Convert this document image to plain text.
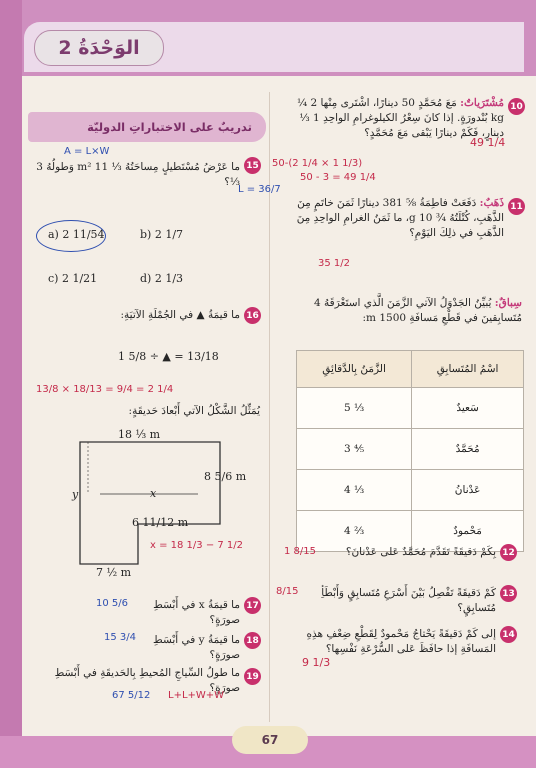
الوَحْدَةُ 2
10
مُشْتَرَياتٌ: مَعَ مُحَمَّدٍ 50 دينارًا، اشْتَرى مِنْها 2 ¼ kg بُنْدورَةٍ. إذا كانَ سِعْرُ الكيلوغرامِ الواحِدِ 1 ⅓ دينارٍ، فَكَمْ دينارًا يَبْقى مَعَ مُحَمَّدٍ؟
49 1/4
50-(2 1/4 × 1 1/3)
50 - 3 = 49 1/4
11
ذَهَبٌ: دَفَعَتْ فاطِمَةُ ⅝ 381 دينارًا ثَمَنَ خاتَمٍ مِنَ الذَّهَبِ، كُتْلَتُهُ ¾ 10 g، ما ثَمَنُ الغرامِ الواحِدِ مِنَ الذَّهَبِ في ذلِكَ اليَوْمِ؟
35 1/2
سِباقٌ: يُبيِّنُ الجَدْوَلُ الآتي الزَّمَنَ الَّذي استَغْرَقَهُ 4 مُتَسابِقينَ في قَطْعِ مَسافَةِ 1500 m:
الزَّمَنُ بِالدَّقائِقِ	اسْمُ المُتَسابِقِ
5 ⅓	سَعيدٌ
3 ⅘	مُحَمَّدٌ
4 ⅓	عَدْنانُ
4 ⅔	مَحْمودٌ
12
بِكَمْ دَقيقَةً تَقَدَّمَ مُحَمَّدٌ عَلى عَدْنانَ؟
1 8/15
13
كَمْ دَقيقَةً تَفْصِلُ بَيْنَ أَسْرَعِ مُتَسابِقٍ وَأَبْطَأِ مُتَسابِقٍ؟
8/15
14
إلى كَمْ دَقيقَةً يَحْتاجُ مَحْمودٌ لِقَطْعِ ضِعْفِ هذِهِ المَسافَةِ إذا حافَظَ عَلى السُّرْعَةِ نَفْسِها؟
9 1/3
تدريبٌ على الاختباراتِ الدوليّة
A = L×W
15
ما عَرْضُ مُسْتَطيلٍ مِساحَتُهُ ⅓ 11 m² وَطولُهُ 3 ⅓؟
L = 36/7
a) 2 11/54	b) 2 1/7
c) 2 1/21	d) 2 1/3
16
ما قيمَةُ ▲ في الجُمْلَةِ الآتيَةِ:
1 5/8 ÷ ▲ = 13/18
13/8 × 18/13 = 9/4 = 2 1/4
يُمَثِّلُ الشَّكْلُ الآتي أَبْعادَ حَديقَةٍ:
18 ⅓ m
8 5/6 m
6 11/12 m
7 ½ m
x
y
x = 18 1/3 − 7 1/2
17
ما قيمَةُ x في أَبْسَطِ صورَةٍ؟
10 5/6
18
ما قيمَةُ y في أَبْسَطِ صورَةٍ؟
15 3/4
19
ما طولُ السِّياجِ المُحيطِ بِالحَديقَةِ في أَبْسَطِ صورَةٍ؟
67 5/12 L+L+W+W
67
